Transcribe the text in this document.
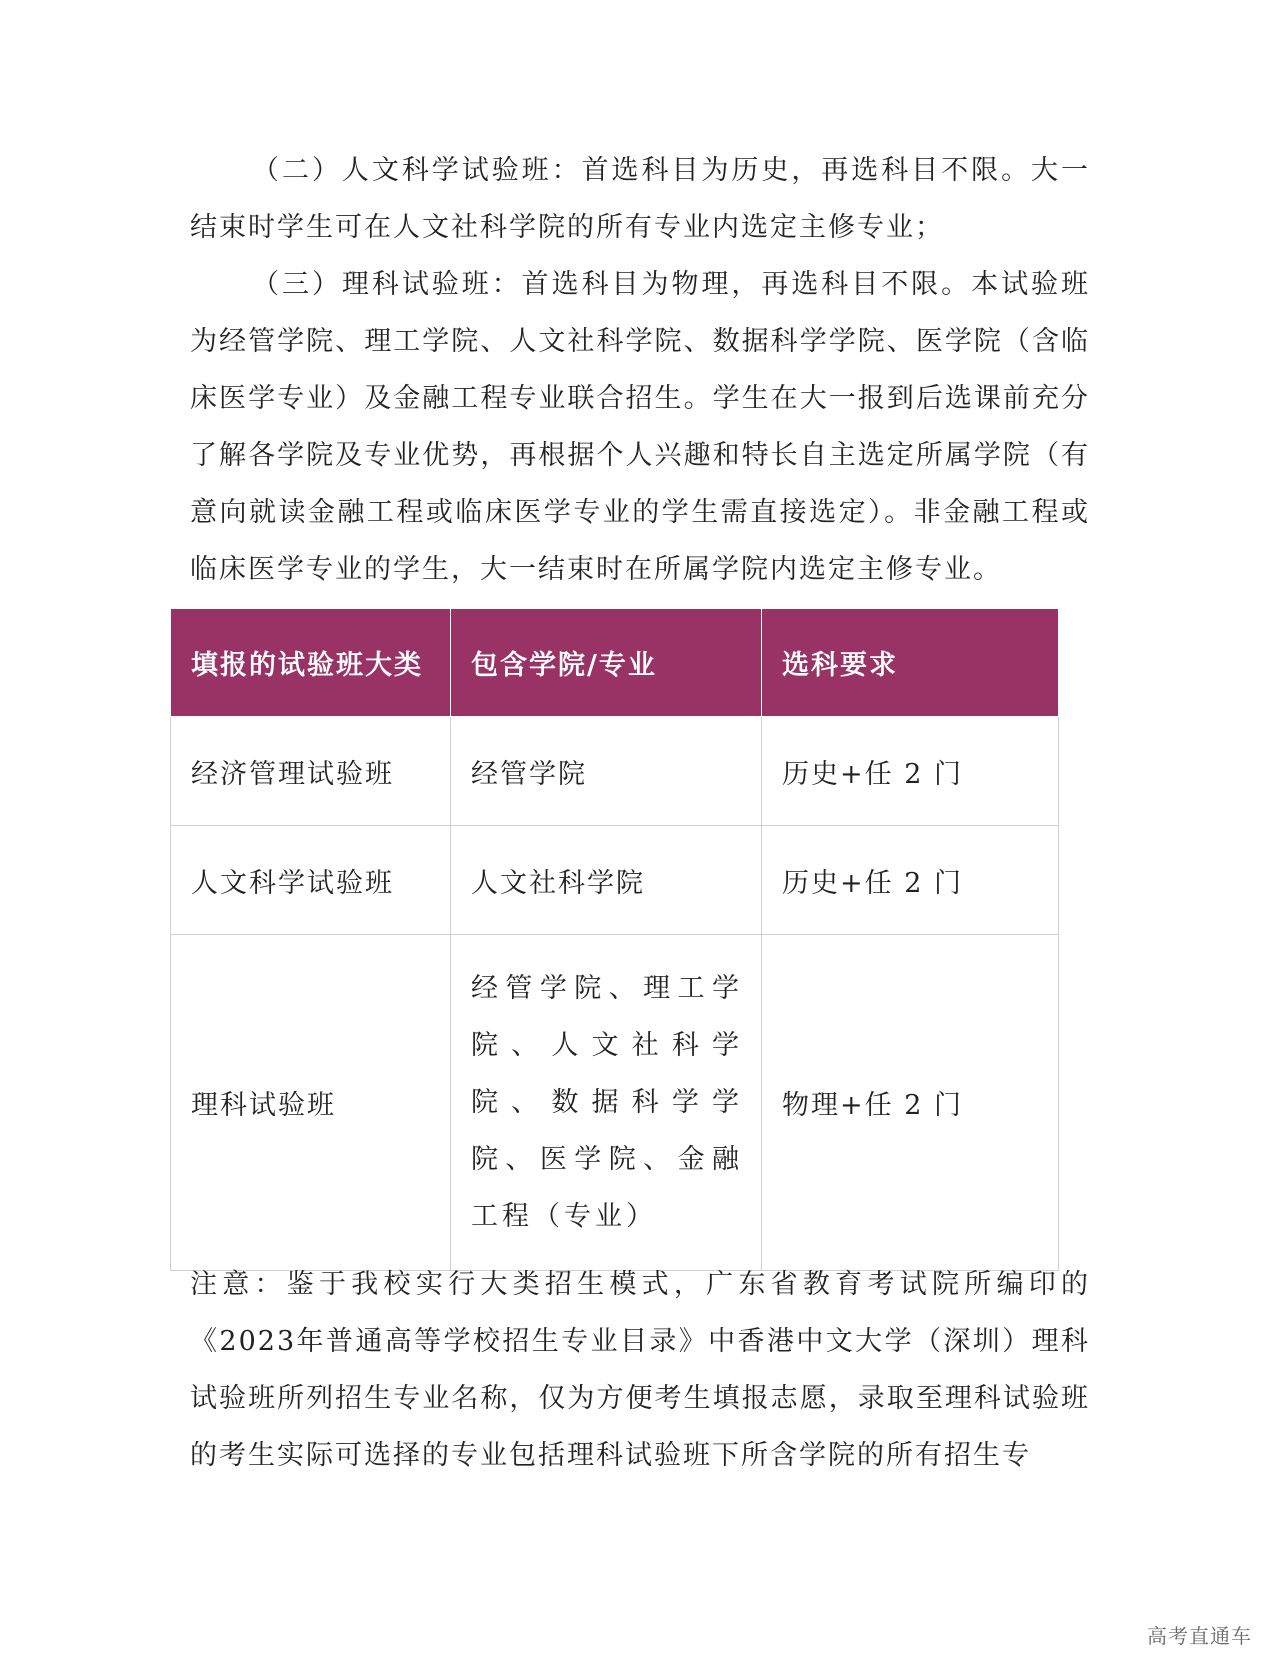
（二）人文科学试验班：首选科目为历史，再选科目不限。大一结束时学生可在人文社科学院的所有专业内选定主修专业；

（三）理科试验班：首选科目为物理，再选科目不限。本试验班为经管学院、理工学院、人文社科学院、数据科学学院、医学院（含临床医学专业）及金融工程专业联合招生。学生在大一报到后选课前充分了解各学院及专业优势，再根据个人兴趣和特长自主选定所属学院（有意向就读金融工程或临床医学专业的学生需直接选定）。非金融工程或临床医学专业的学生，大一结束时在所属学院内选定主修专业。

填报的试验班大类	包含学院/专业	选科要求
经济管理试验班	经管学院	历史+任 2 门
人文科学试验班	人文社科学院	历史+任 2 门
理科试验班	经管学院、理工学院、人文社科学院、数据科学学院、医学院、金融工程（专业）	物理+任 2 门

注意：鉴于我校实行大类招生模式，广东省教育考试院所编印的《2023年普通高等学校招生专业目录》中香港中文大学（深圳）理科试验班所列招生专业名称，仅为方便考生填报志愿，录取至理科试验班的考生实际可选择的专业包括理科试验班下所含学院的所有招生专

高考直通车
